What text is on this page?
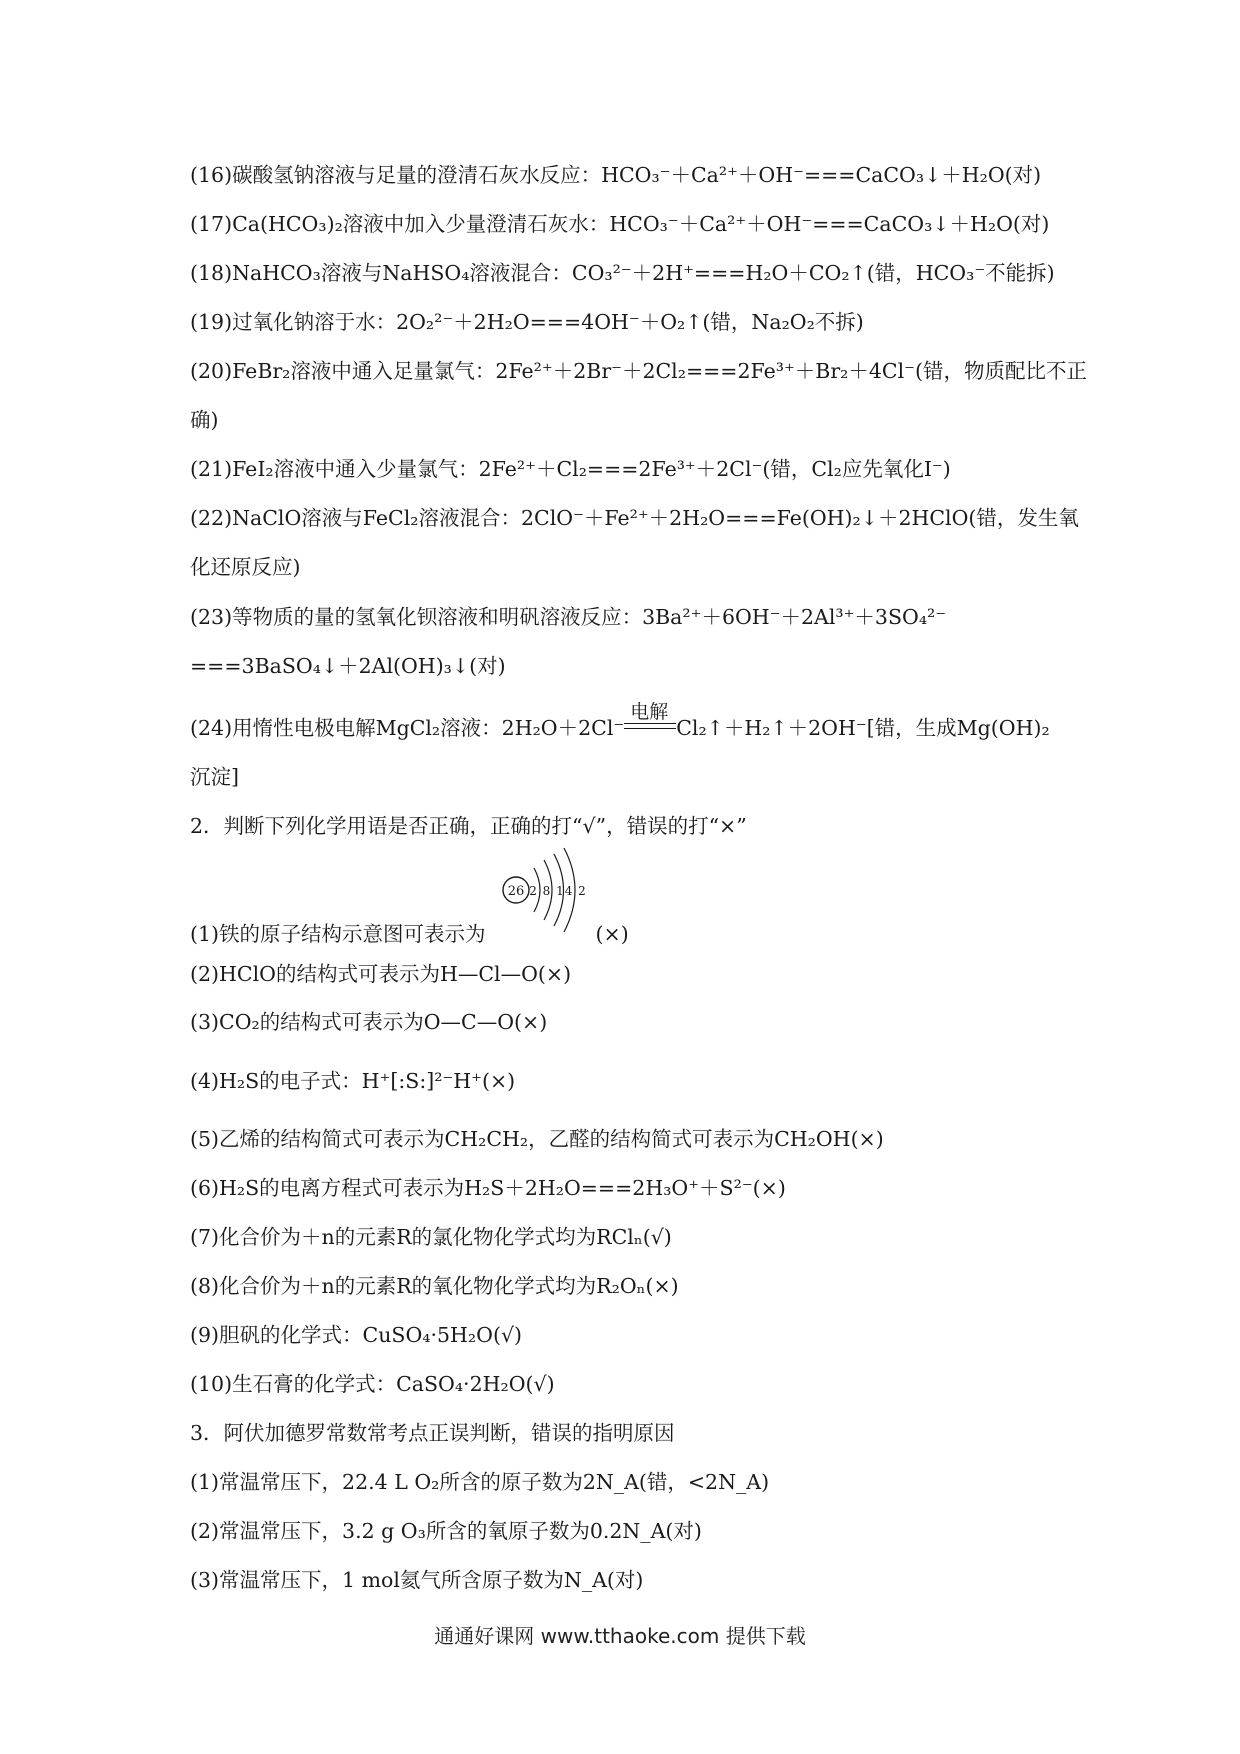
(16)碳酸氢钠溶液与足量的澄清石灰水反应：HCO₃⁻＋Ca²⁺＋OH⁻===CaCO₃↓＋H₂O(对)
(17)Ca(HCO₃)₂溶液中加入少量澄清石灰水：HCO₃⁻＋Ca²⁺＋OH⁻===CaCO₃↓＋H₂O(对)
(18)NaHCO₃溶液与NaHSO₄溶液混合：CO₃²⁻＋2H⁺===H₂O＋CO₂↑(错，HCO₃⁻不能拆)
(19)过氧化钠溶于水：2O₂²⁻＋2H₂O===4OH⁻＋O₂↑(错，Na₂O₂不拆)
(20)FeBr₂溶液中通入足量氯气：2Fe²⁺＋2Br⁻＋2Cl₂===2Fe³⁺＋Br₂＋4Cl⁻(错，物质配比不正
确)
(21)FeI₂溶液中通入少量氯气：2Fe²⁺＋Cl₂===2Fe³⁺＋2Cl⁻(错，Cl₂应先氧化I⁻)
(22)NaClO溶液与FeCl₂溶液混合：2ClO⁻＋Fe²⁺＋2H₂O===Fe(OH)₂↓＋2HClO(错，发生氧
化还原反应)
(23)等物质的量的氢氧化钡溶液和明矾溶液反应：3Ba²⁺＋6OH⁻＋2Al³⁺＋3SO₄²⁻
===3BaSO₄↓＋2Al(OH)₃↓(对)
(24)用惰性电极电解MgCl₂溶液：2H₂O＋2Cl⁻
电解
Cl₂↑＋H₂↑＋2OH⁻[错，生成Mg(OH)₂
沉淀]
2．判断下列化学用语是否正确，正确的打“√”，错误的打“×”
26 2 8 14 2
(1)铁的原子结构示意图可表示为	(×)
(2)HClO的结构式可表示为H—Cl—O(×)
(3)CO₂的结构式可表示为O—C—O(×)
(4)H₂S的电子式：H⁺[:S:]²⁻H⁺(×)
(5)乙烯的结构简式可表示为CH₂CH₂，乙醛的结构简式可表示为CH₂OH(×)
(6)H₂S的电离方程式可表示为H₂S＋2H₂O===2H₃O⁺＋S²⁻(×)
(7)化合价为＋n的元素R的氯化物化学式均为RClₙ(√)
(8)化合价为＋n的元素R的氧化物化学式均为R₂Oₙ(×)
(9)胆矾的化学式：CuSO₄·5H₂O(√)
(10)生石膏的化学式：CaSO₄·2H₂O(√)
3．阿伏加德罗常数常考点正误判断，错误的指明原因
(1)常温常压下，22.4 L O₂所含的原子数为2N_A(错，<2N_A)
(2)常温常压下，3.2 g O₃所含的氧原子数为0.2N_A(对)
(3)常温常压下，1 mol氦气所含原子数为N_A(对)
通通好课网 www.tthaoke.com 提供下载
